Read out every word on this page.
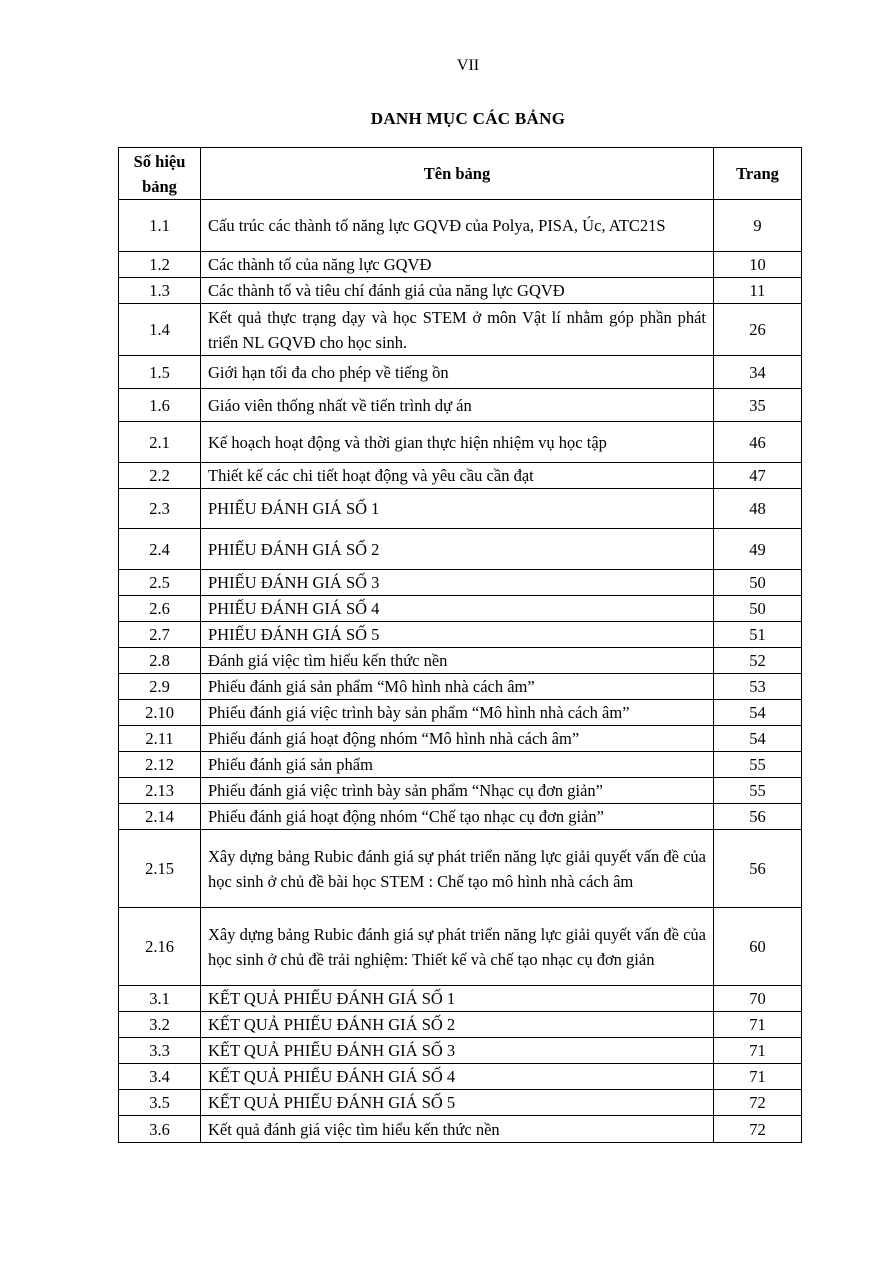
VII
DANH MỤC CÁC BẢNG
Số hiệu bảng	Tên bảng	Trang
1.1	Cấu trúc các thành tố năng lực GQVĐ của Polya, PISA, Úc, ATC21S	9
1.2	Các thành tố của năng lực GQVĐ	10
1.3	Các thành tố và tiêu chí đánh giá của năng lực GQVĐ	11
1.4	Kết quả thực trạng dạy và học STEM ở môn Vật lí nhằm góp phần phát triển NL GQVĐ cho học sinh.	26
1.5	Giới hạn tối đa cho phép về tiếng ồn	34
1.6	Giáo viên thống nhất về tiến trình dự án	35
2.1	Kế hoạch hoạt động và thời gian thực hiện nhiệm vụ học tập	46
2.2	Thiết kế các chi tiết hoạt động và yêu cầu cần đạt	47
2.3	PHIẾU ĐÁNH GIÁ SỐ 1	48
2.4	PHIẾU ĐÁNH GIÁ SỐ 2	49
2.5	PHIẾU ĐÁNH GIÁ SỐ 3	50
2.6	PHIẾU ĐÁNH GIÁ SỐ 4	50
2.7	PHIẾU ĐÁNH GIÁ SỐ 5	51
2.8	Đánh giá việc tìm hiểu kến thức nền	52
2.9	Phiếu đánh giá sản phẩm “Mô hình nhà cách âm”	53
2.10	Phiếu đánh giá việc trình bày sản phẩm “Mô hình nhà cách âm”	54
2.11	Phiếu đánh giá hoạt động nhóm “Mô hình nhà cách âm”	54
2.12	Phiếu đánh giá sản phẩm	55
2.13	Phiếu đánh giá việc trình bày sản phẩm “Nhạc cụ đơn giản”	55
2.14	Phiếu đánh giá hoạt động nhóm “Chế tạo nhạc cụ đơn giản”	56
2.15	Xây dựng bảng Rubic đánh giá sự phát triển năng lực giải quyết vấn đề của học sinh ở chủ đề bài học STEM : Chế tạo mô hình nhà cách âm	56
2.16	Xây dựng bảng Rubic đánh giá sự phát triển năng lực giải quyết vấn đề của học sinh ở chủ đề trải nghiệm: Thiết kế và chế tạo nhạc cụ đơn giản	60
3.1	KẾT QUẢ PHIẾU ĐÁNH GIÁ SỐ 1	70
3.2	KẾT QUẢ PHIẾU ĐÁNH GIÁ SỐ 2	71
3.3	KẾT QUẢ PHIẾU ĐÁNH GIÁ SỐ 3	71
3.4	KẾT QUẢ PHIẾU ĐÁNH GIÁ SỐ 4	71
3.5	KẾT QUẢ PHIẾU ĐÁNH GIÁ SỐ 5	72
3.6	Kết quả đánh giá việc tìm hiểu kến thức nền	72
